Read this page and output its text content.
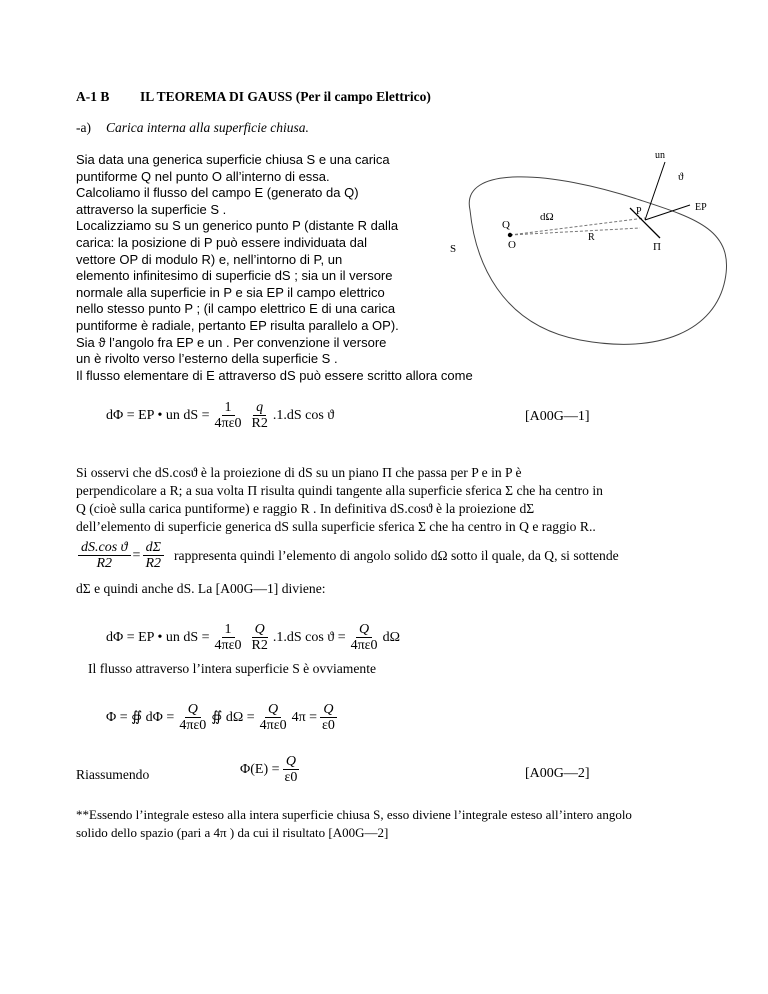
A-1 B IL TEOREMA DI GAUSS (Per il campo Elettrico)
-a) Carica interna alla superficie chiusa.
Sia data una generica superficie chiusa S e una carica
puntiforme Q nel punto O all’interno di essa.
Calcoliamo il flusso del campo E (generato da Q)
attraverso la superficie S .
Localizziamo su S un generico punto P (distante R dalla
carica: la posizione di P può essere individuata dal
vettore OP di modulo R) e, nell’intorno di P, un
elemento infinitesimo di superficie dS ; sia un il versore
normale alla superficie in P e sia EP il campo elettrico
nello stesso punto P ; (il campo elettrico E di una carica
puntiforme è radiale, pertanto EP risulta parallelo a OP).
Sia ϑ l’angolo fra EP e un . Per convenzione il versore
un è rivolto verso l’esterno della superficie S .
Il flusso elementare di E attraverso dS può essere scritto allora come
un
ϑ
EP
dΩ	P
Q
O
R
Π
S
dΦ = EP • un dS = $\frac{1}{4\pi\varepsilon 0} \frac{q}{R2} .1.dS$ cos ϑ	[A00G—1]
Si osservi che dS.cosϑ è la proiezione di dS su un piano Π che passa per P e in P è
perpendicolare a R; a sua volta Π risulta quindi tangente alla superficie sferica Σ che ha centro in
Q (cioè sulla carica puntiforme) e raggio R . In definitiva dS.cosϑ è la proiezione dΣ
dell’elemento di superficie generica dS sulla superficie sferica Σ che ha centro in Q e raggio R..
$\frac{\text{dS.cos ϑ}}{R2} = \frac{d\Sigma}{R2}$ rappresenta quindi l’elemento di angolo solido dΩ sotto il quale, da Q, si sottende
dΣ e quindi anche dS. La [A00G—1] diviene:
dΦ = EP • un dS = $\frac{1}{4\pi\varepsilon 0} \frac{Q}{R2} .1.dS$ $\cos ϑ = \frac{Q}{4\pi\varepsilon 0}$ dΩ
Il flusso attraverso l’intera superficie S è ovviamente
Φ = ∯ $d\Phi = \frac{Q}{4\pi\varepsilon 0}$ ∯ $d\Omega = \frac{Q}{4\pi\varepsilon 0} 4\pi = \frac{Q}{\varepsilon 0}$
Riassumendo	$\Phi(E) = \frac{Q}{\varepsilon 0}$	[A00G—2]
**Essendo l’integrale esteso alla intera superficie chiusa S, esso diviene l’integrale esteso all’intero angolo
solido dello spazio (pari a 4π ) da cui il risultato [A00G—2]
